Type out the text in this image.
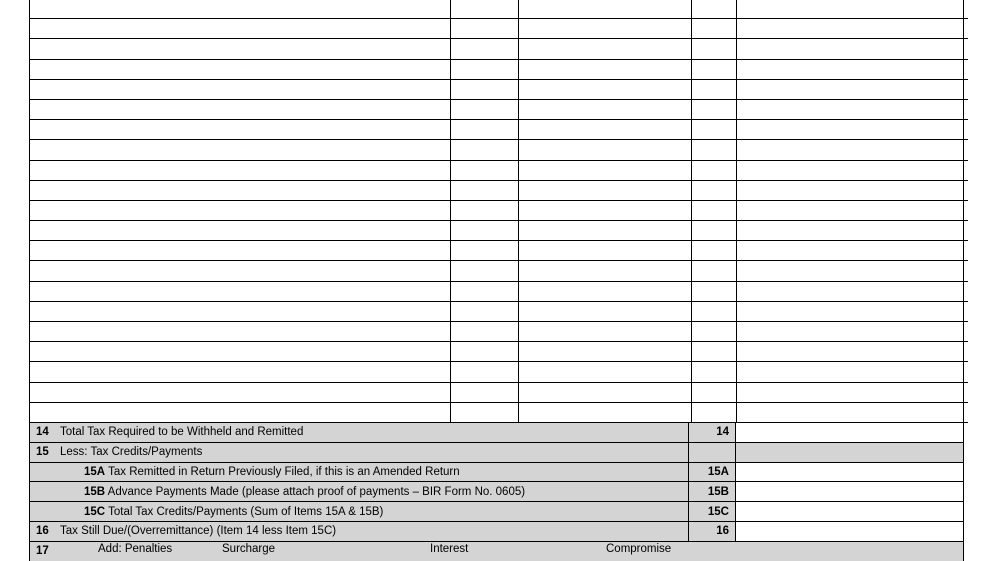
14	Total Tax Required to be Withheld and Remitted	14	
15	Less: Tax Credits/Payments		
	15A Tax Remitted in Return Previously Filed, if this is an Amended Return	15A	
	15B Advance Payments Made (please attach proof of payments – BIR Form No. 0605)	15B	
	15C Total Tax Credits/Payments (Sum of Items 15A & 15B)	15C	
16	Tax Still Due/(Overremittance) (Item 14 less Item 15C)	16	
17	Add: Penalties Surcharge Interest Compromise		
